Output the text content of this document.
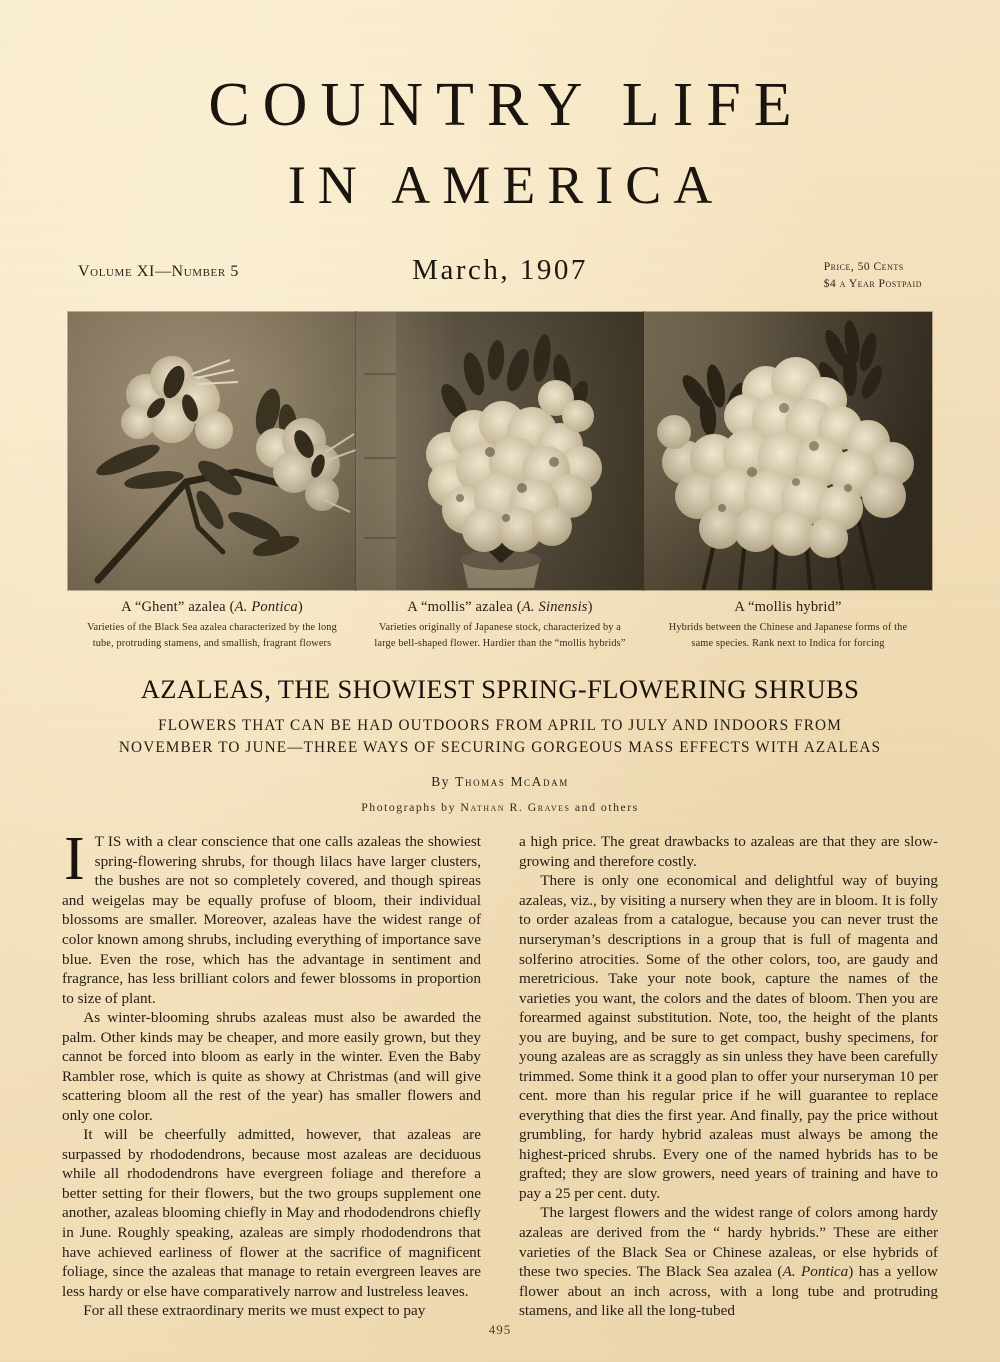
COUNTRY LIFE
IN AMERICA
Volume XI—Number 5	March, 1907	Price, 50 Cents
$4 a Year Postpaid
A “Ghent” azalea (A. Pontica)
Varieties of the Black Sea azalea characterized by the long
tube, protruding stamens, and smallish, fragrant flowers
A “mollis” azalea (A. Sinensis)
Varieties originally of Japanese stock, characterized by a
large bell-shaped flower. Hardier than the “mollis hybrids”
A “mollis hybrid”
Hybrids between the Chinese and Japanese forms of the
same species. Rank next to Indica for forcing
AZALEAS, THE SHOWIEST SPRING-FLOWERING SHRUBS
FLOWERS THAT CAN BE HAD OUTDOORS FROM APRIL TO JULY AND INDOORS FROM
NOVEMBER TO JUNE—THREE WAYS OF SECURING GORGEOUS MASS EFFECTS WITH AZALEAS
By Thomas McAdam
Photographs by Nathan R. Graves and others

I T IS with a clear conscience that one calls azaleas the showiest spring-flowering shrubs, for though lilacs have larger clusters, the bushes are not so completely covered, and though spireas and weigelas may be equally profuse of bloom, their individual blossoms are smaller. Moreover, azaleas have the widest range of color known among shrubs, including everything of importance save blue. Even the rose, which has the advantage in sentiment and fragrance, has less brilliant colors and fewer blossoms in proportion to size of plant.

As winter-blooming shrubs azaleas must also be awarded the palm. Other kinds may be cheaper, and more easily grown, but they cannot be forced into bloom as early in the winter. Even the Baby Rambler rose, which is quite as showy at Christmas (and will give scattering bloom all the rest of the year) has smaller flowers and only one color.

It will be cheerfully admitted, however, that azaleas are surpassed by rhododendrons, because most azaleas are deciduous while all rhododendrons have evergreen foliage and therefore a better setting for their flowers, but the two groups supplement one another, azaleas blooming chiefly in May and rhododendrons chiefly in June. Roughly speaking, azaleas are simply rhododendrons that have achieved earliness of flower at the sacrifice of magnificent foliage, since the azaleas that manage to retain evergreen leaves are less hardy or else have comparatively narrow and lustreless leaves.

For all these extraordinary merits we must expect to pay

a high price. The great drawbacks to azaleas are that they are slow-growing and therefore costly.

There is only one economical and delightful way of buying azaleas, viz., by visiting a nursery when they are in bloom. It is folly to order azaleas from a catalogue, because you can never trust the nurseryman’s descriptions in a group that is full of magenta and solferino atrocities. Some of the other colors, too, are gaudy and meretricious. Take your note book, capture the names of the varieties you want, the colors and the dates of bloom. Then you are forearmed against substitution. Note, too, the height of the plants you are buying, and be sure to get compact, bushy specimens, for young azaleas are as scraggly as sin unless they have been carefully trimmed. Some think it a good plan to offer your nurseryman 10 per cent. more than his regular price if he will guarantee to replace everything that dies the first year. And finally, pay the price without grumbling, for hardy hybrid azaleas must always be among the highest-priced shrubs. Every one of the named hybrids has to be grafted; they are slow growers, need years of training and have to pay a 25 per cent. duty.

The largest flowers and the widest range of colors among hardy azaleas are derived from the “ hardy hybrids.” These are either varieties of the Black Sea or Chinese azaleas, or else hybrids of these two species. The Black Sea azalea (A. Pontica) has a yellow flower about an inch across, with a long tube and protruding stamens, and like all the long-tubed

495
